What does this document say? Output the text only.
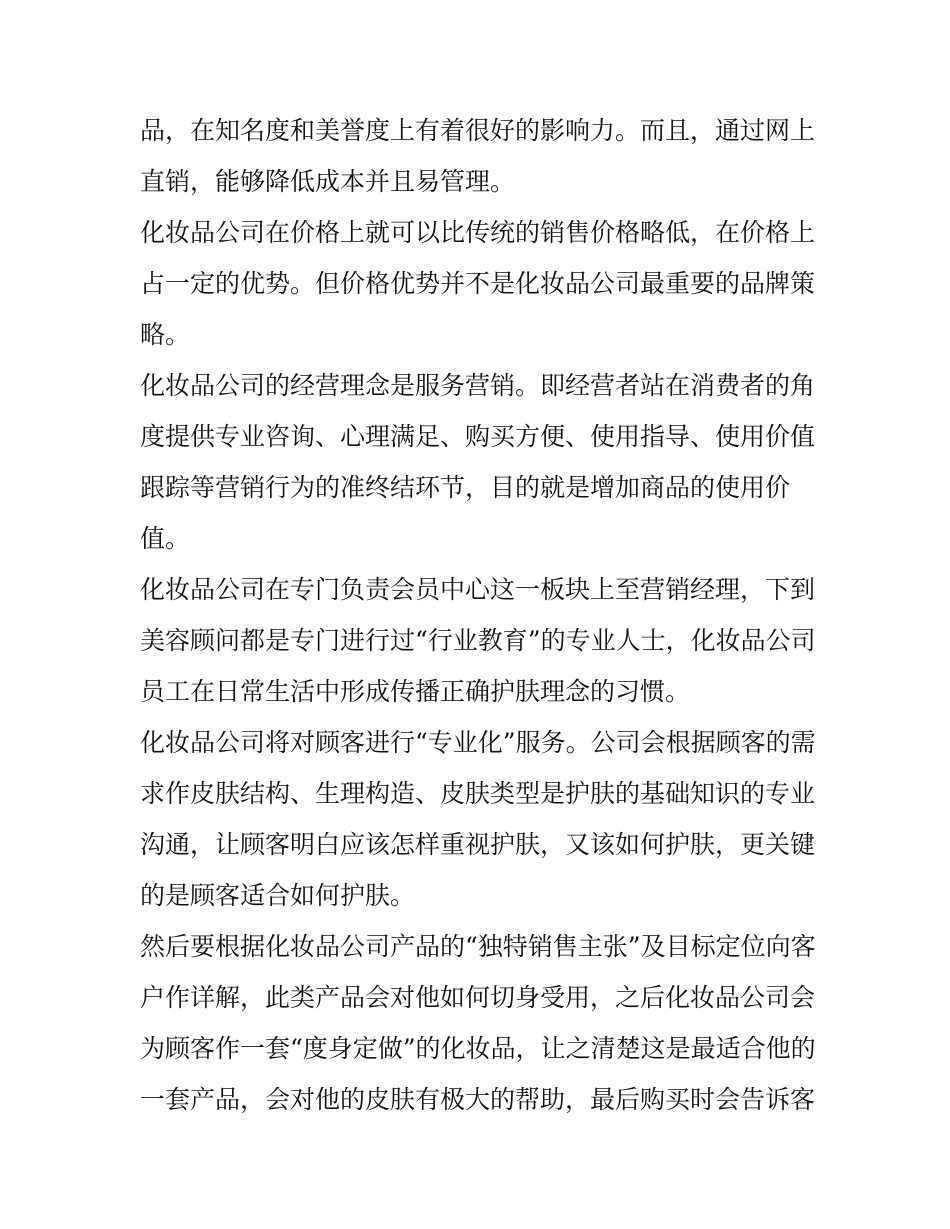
品，在知名度和美誉度上有着很好的影响力。而且，通过网上
直销，能够降低成本并且易管理。
化妆品公司在价格上就可以比传统的销售价格略低，在价格上
占一定的优势。但价格优势并不是化妆品公司最重要的品牌策
略。
化妆品公司的经营理念是服务营销。即经营者站在消费者的角
度提供专业咨询、心理满足、购买方便、使用指导、使用价值
跟踪等营销行为的准终结环节，目的就是增加商品的使用价
值。
化妆品公司在专门负责会员中心这一板块上至营销经理，下到
美容顾问都是专门进行过“行业教育”的专业人士，化妆品公司
员工在日常生活中形成传播正确护肤理念的习惯。
化妆品公司将对顾客进行“专业化”服务。公司会根据顾客的需
求作皮肤结构、生理构造、皮肤类型是护肤的基础知识的专业
沟通，让顾客明白应该怎样重视护肤，又该如何护肤，更关键
的是顾客适合如何护肤。
然后要根据化妆品公司产品的“独特销售主张”及目标定位向客
户作详解，此类产品会对他如何切身受用，之后化妆品公司会
为顾客作一套“度身定做”的化妆品，让之清楚这是最适合他的
一套产品，会对他的皮肤有极大的帮助，最后购买时会告诉客
